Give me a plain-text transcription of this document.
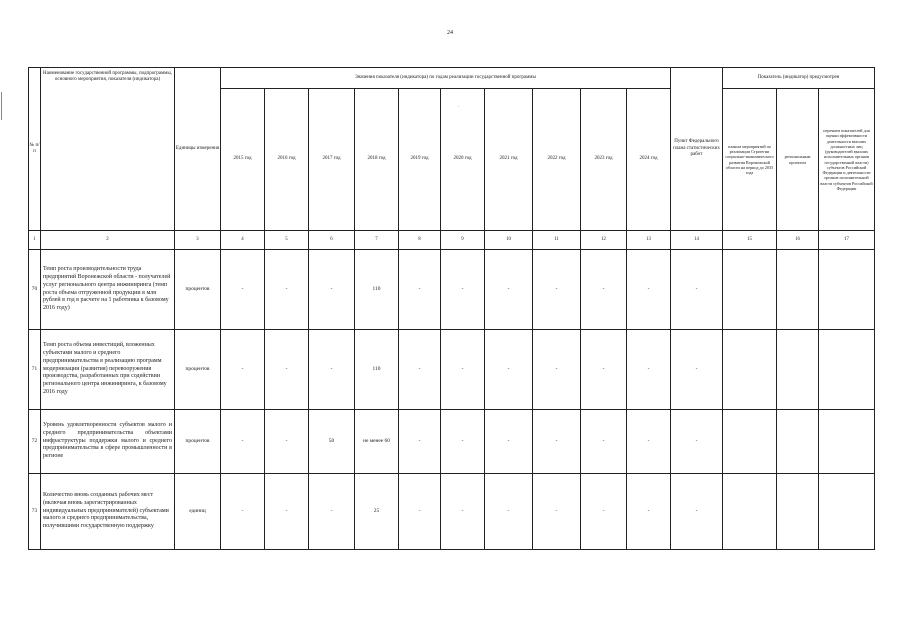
24
.
№ п/п	Наименование государственной программы, подпрограммы, основного мероприятия, показателя (индикатора)	Единицы измерения	Значения показателя (индикатора) по годам реализации государственной программы										Пункт Федерального плана статистических работ	Показатель (индикатор) предусмотрен		
			2015 год	2016 год	2017 год	2018 год	2019 год	2020 год	2021 год	2022 год	2023 год	2024 год		планом мероприятий по реализации Стратегии социально-экономического развития Воронежской области на период до 2035 года	региональным проектом	перечнем показателей для оценки эффективности деятельности высших должностных лиц (руководителей высших исполнительных органов государственной власти) субъектов Российской Федерации и деятельности органов исполнительной власти субъектов Российской Федерации
1	2	3	4	5	6	7	8	9	10	11	12	13	14	15	16	17
70	Темп роста производительности труда предприятий Воронежской области - получателей услуг регионального центра инжиниринга (темп роста объема отгруженной продукции в млн рублей в год в расчете на 1 работника к базовому 2016 году)	процентов	-	-	-	110	-	-	-	-	-	-	-			
71	Темп роста объема инвестиций, вложенных субъектами малого и среднего предпринимательства в реализацию программ модернизации (развития) перевооружения производства, разработанных при содействии регионального центра инжиниринга, к базовому 2016 году	процентов	-	-	-	110	-	-	-	-	-	-	-			
72	Уровень удовлетворенности субъектов малого и среднего предпринимательства объектами инфраструктуры поддержки малого и среднего предпринимательства в сфере промышленности в регионе	процентов	-	-	50	не менее 60	-	-	-	-	-	-	-			
73	Количество вновь созданных рабочих мест (включая вновь зарегистрированных индивидуальных предпринимателей) субъектами малого и среднего предпринимательства, получившими государственную поддержку	единиц	-	-	-	25	-	-	-	-	-	-	-			
